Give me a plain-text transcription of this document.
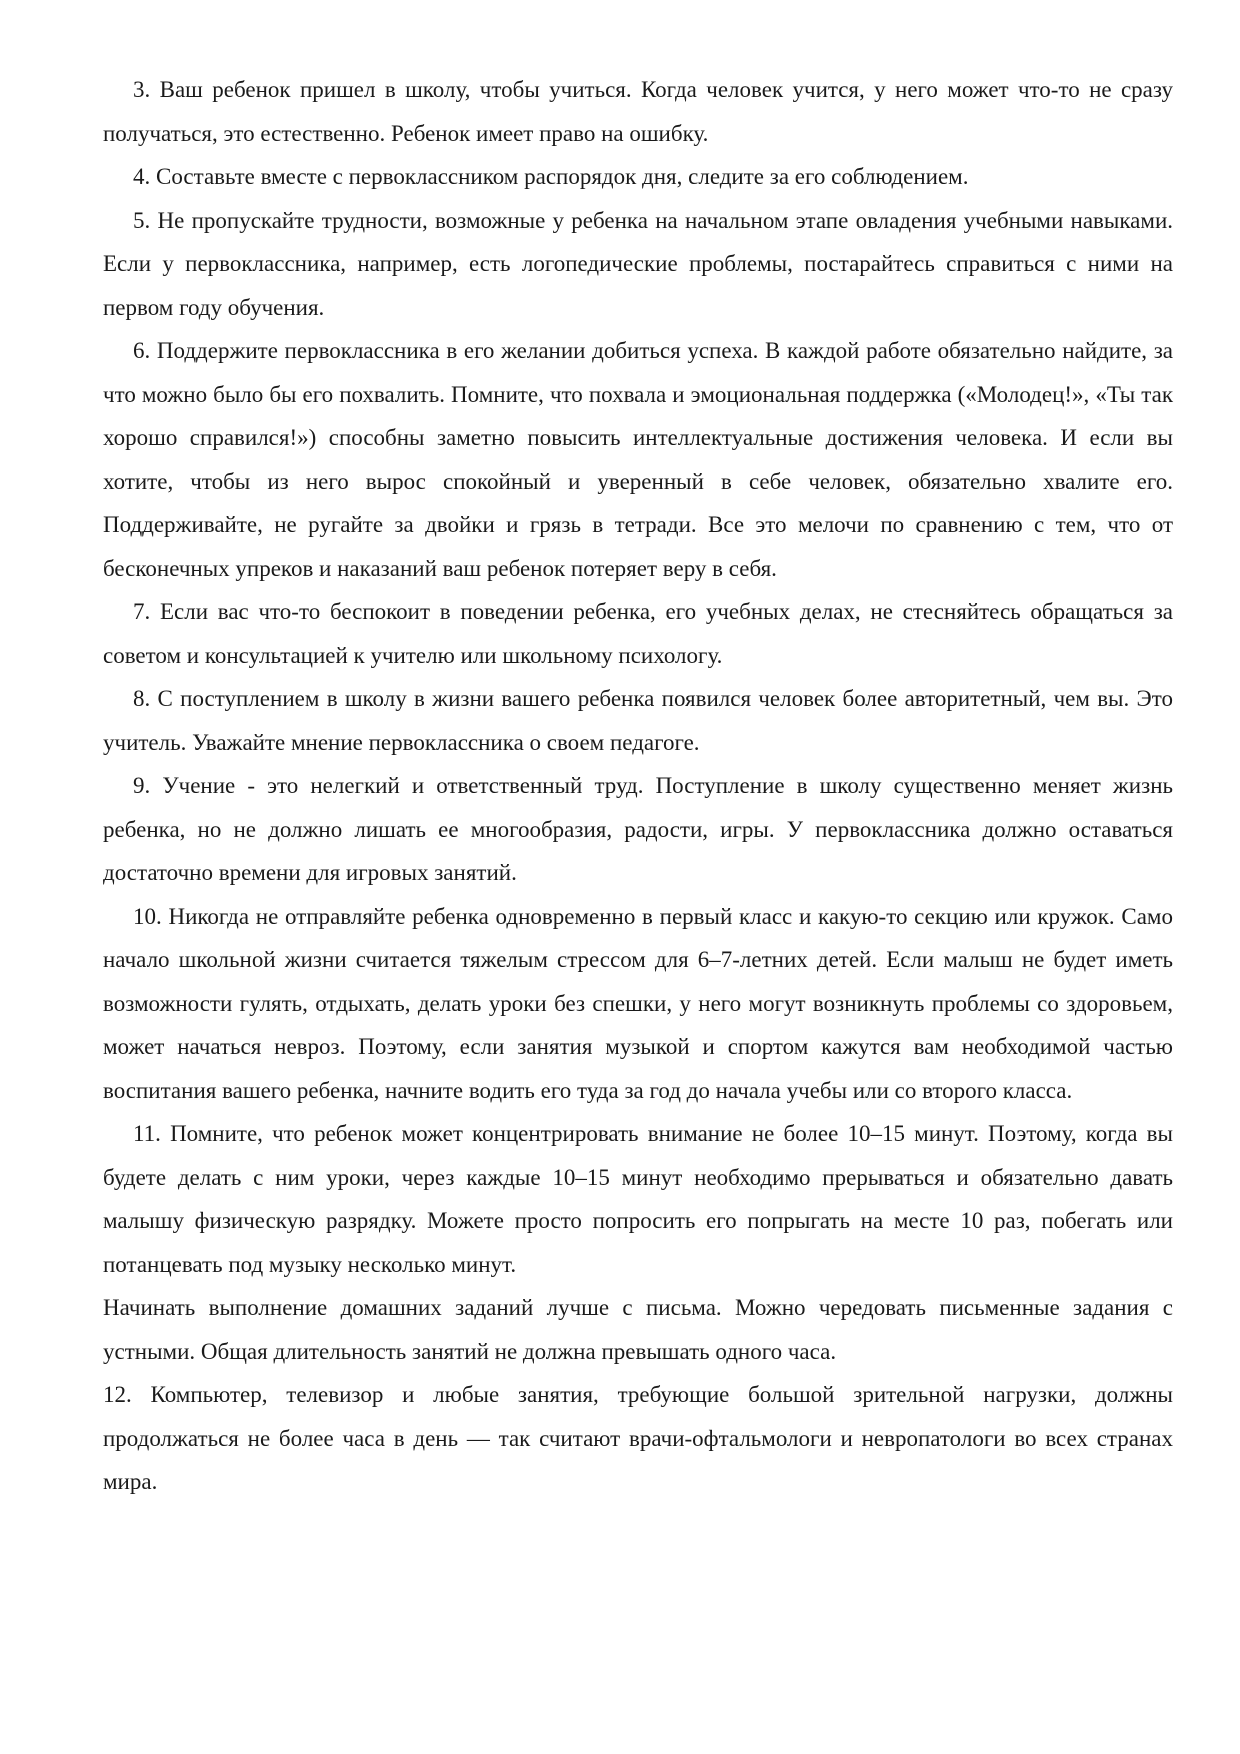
3. Ваш ребенок пришел в школу, чтобы учиться. Когда человек учится, у него может что-то не сразу получаться, это естественно. Ребенок имеет право на ошибку.

4. Составьте вместе с первоклассником распорядок дня, следите за его соблюдением.

5. Не пропускайте трудности, возможные у ребенка на начальном этапе овладения учебными навыками. Если у первоклассника, например, есть логопедические проблемы, постарайтесь справиться с ними на первом году обучения.

6. Поддержите первоклассника в его желании добиться успеха. В каждой работе обязательно найдите, за что можно было бы его похвалить. Помните, что похвала и эмоциональная поддержка («Молодец!», «Ты так хорошо справился!») способны заметно повысить интеллектуальные достижения человека. И если вы хотите, чтобы из него вырос спокойный и уверенный в себе человек, обязательно хвалите его. Поддерживайте, не ругайте за двойки и грязь в тетради. Все это мелочи по сравнению с тем, что от бесконечных упреков и наказаний ваш ребенок потеряет веру в себя.

7. Если вас что-то беспокоит в поведении ребенка, его учебных делах, не стесняйтесь обращаться за советом и консультацией к учителю или школьному психологу.

8. С поступлением в школу в жизни вашего ребенка появился человек более авторитетный, чем вы. Это учитель. Уважайте мнение первоклассника о своем педагоге.

9. Учение - это нелегкий и ответственный труд. Поступление в школу существенно меняет жизнь ребенка, но не должно лишать ее многообразия, радости, игры. У первоклассника должно оставаться достаточно времени для игровых занятий.

10. Никогда не отправляйте ребенка одновременно в первый класс и какую-то секцию или кружок. Само начало школьной жизни считается тяжелым стрессом для 6–7-летних детей. Если малыш не будет иметь возможности гулять, отдыхать, делать уроки без спешки, у него могут возникнуть проблемы со здоровьем, может начаться невроз. Поэтому, если занятия музыкой и спортом кажутся вам необходимой частью воспитания вашего ребенка, начните водить его туда за год до начала учебы или со второго класса.

11. Помните, что ребенок может концентрировать внимание не более 10–15 минут. Поэтому, когда вы будете делать с ним уроки, через каждые 10–15 минут необходимо прерываться и обязательно давать малышу физическую разрядку. Можете просто попросить его попрыгать на месте 10 раз, побегать или потанцевать под музыку несколько минут.

Начинать выполнение домашних заданий лучше с письма. Можно чередовать письменные задания с устными. Общая длительность занятий не должна превышать одного часа.

12. Компьютер, телевизор и любые занятия, требующие большой зрительной нагрузки, должны продолжаться не более часа в день — так считают врачи-офтальмологи и невропатологи во всех странах мира.
